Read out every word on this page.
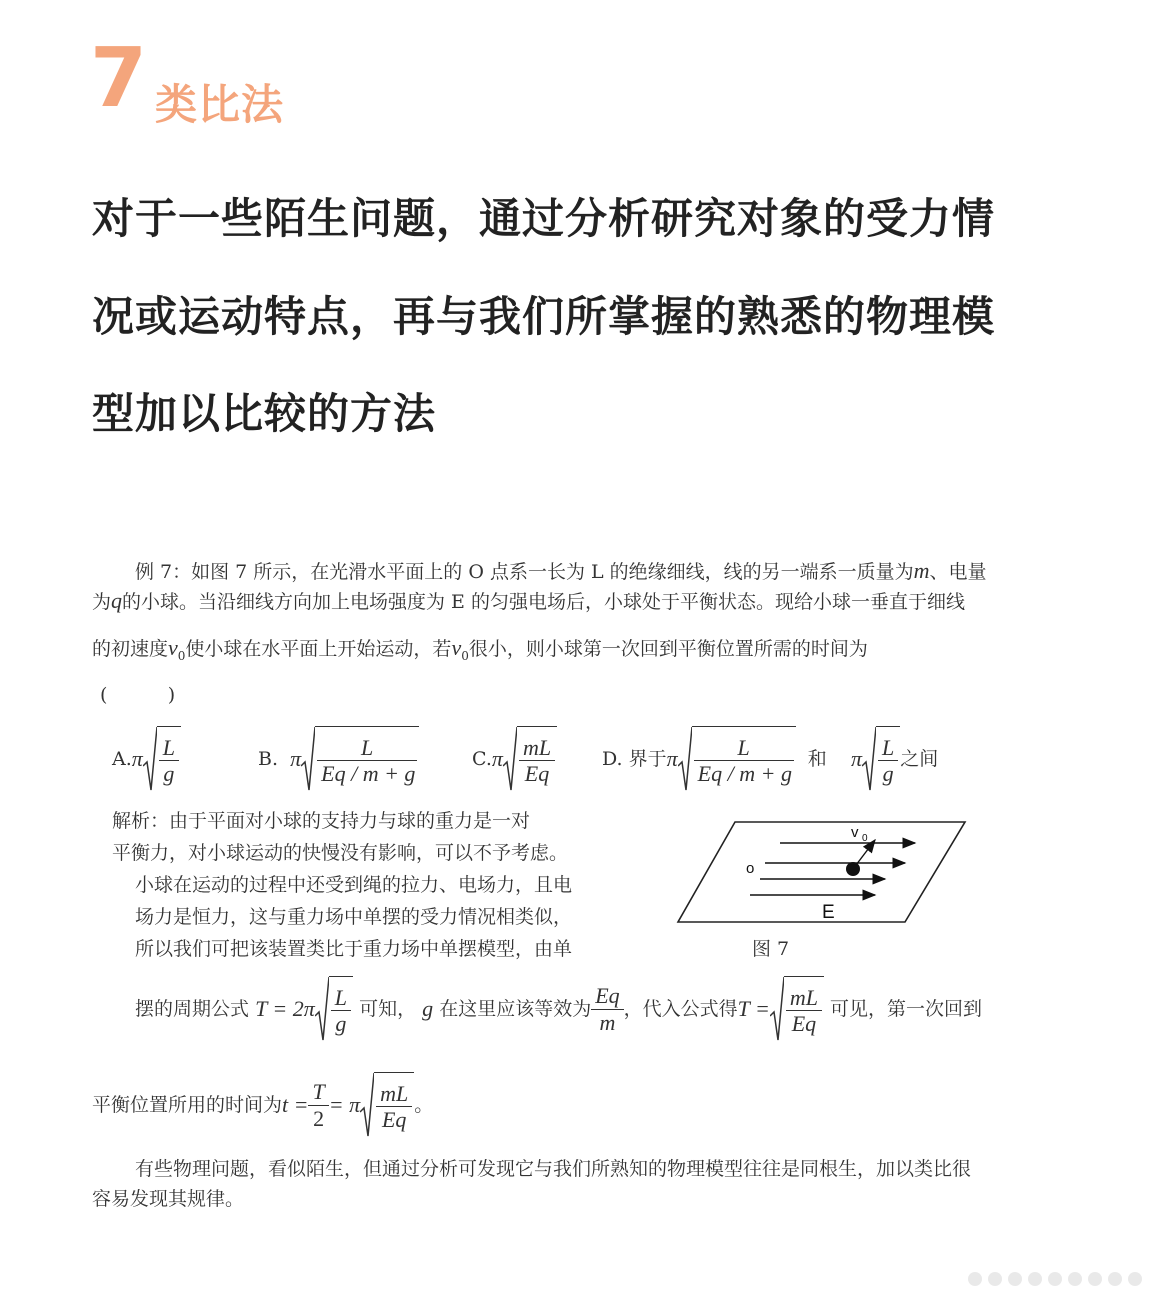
7 类比法
对于一些陌生问题，通过分析研究对象的受力情
况或运动特点，再与我们所掌握的熟悉的物理模
型加以比较的方法
例 7：如图 7 所示，在光滑水平面上的 O 点系一长为 L 的绝缘细线，线的另一端系一质量为m、电量
为q的小球。当沿细线方向加上电场强度为 E 的匀强电场后，小球处于平衡状态。现给小球一垂直于细线
的初速度$v_0$使小球在水平面上开始运动，若$v_0$很小，则小球第一次回到平衡位置所需的时间为
(          )
A. π $\frac{L}{g}$	B.
π $\frac{L}{Eq / m + g}$	C. π $\frac{mL}{Eq} D$. 界于 π $\frac{L}{Eq / m + g}$
和
π $\frac{L}{g}$ 之间
解析：由于平面对小球的支持力与球的重力是一对
平衡力，对小球运动的快慢没有影响，可以不予考虑。
小球在运动的过程中还受到绳的拉力、电场力，且电
场力是恒力，这与重力场中单摆的受力情况相类似，
所以我们可把该装置类比于重力场中单摆模型，由单
o
v 0
E
图 7
摆的周期公式
$T = 2\pi \frac{L}{g}$
可知，
g
在这里应该等效为 $\frac{Eq}{m}$ ，代入公式得 $T = \frac{mL}{Eq}$
可见，第一次回到
平衡位置所用的时间为 $t = \frac{T}{2} = \pi \frac{mL}{Eq}$ 。
有些物理问题，看似陌生，但通过分析可发现它与我们所熟知的物理模型往往是同根生，加以类比很
容易发现其规律。
